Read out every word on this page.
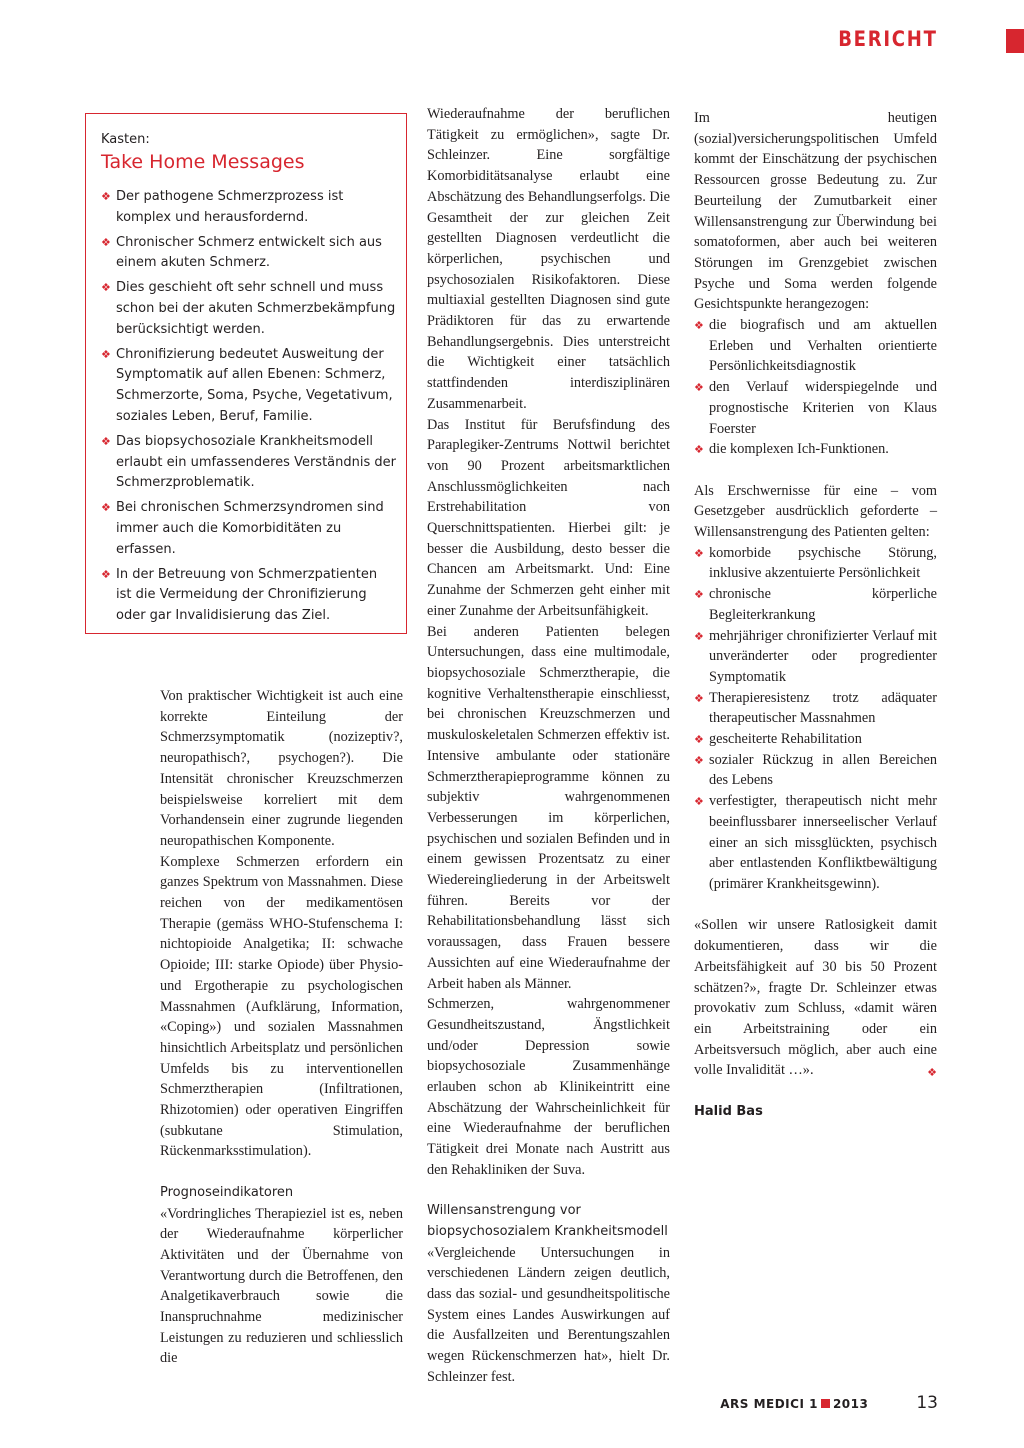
BERICHT

Kasten:

Take Home Messages

❖ Der pathogene Schmerzprozess ist komplex und herausfordernd.
❖ Chronischer Schmerz entwickelt sich aus einem akuten Schmerz.
❖ Dies geschieht oft sehr schnell und muss schon bei der akuten Schmerzbekämpfung berücksichtigt werden.
❖ Chronifizierung bedeutet Ausweitung der Symptomatik auf allen Ebenen: Schmerz, Schmerzorte, Soma, Psyche, Vegetativum, soziales Leben, Beruf, Familie.
❖ Das biopsychosoziale Krankheitsmodell erlaubt ein umfassenderes Verständnis der Schmerzproblematik.
❖ Bei chronischen Schmerzsyndromen sind immer auch die Komorbiditäten zu erfassen.
❖ In der Betreuung von Schmerzpatienten ist die Vermeidung der Chronifizierung oder gar Invalidisierung das Ziel.

Von praktischer Wichtigkeit ist auch eine korrekte Einteilung der Schmerzsymptomatik (nozizeptiv?, neuropathisch?, psychogen?). Die Intensität chronischer Kreuzschmerzen beispielsweise korreliert mit dem Vorhandensein einer zugrunde liegenden neuropathischen Komponente.

Komplexe Schmerzen erfordern ein ganzes Spektrum von Massnahmen. Diese reichen von der medikamentösen Therapie (gemäss WHO-Stufenschema I: nichtopioide Analgetika; II: schwache Opioide; III: starke Opiode) über Physio- und Ergotherapie zu psychologischen Massnahmen (Aufklärung, Information, «Coping») und sozialen Massnahmen hinsichtlich Arbeitsplatz und persönlichen Umfelds bis zu interventionellen Schmerztherapien (Infiltrationen, Rhizotomien) oder operativen Eingriffen (subkutane Stimulation, Rückenmarksstimulation).

Prognoseindikatoren

«Vordringliches Therapieziel ist es, neben der Wiederaufnahme körperlicher Aktivitäten und der Übernahme von Verantwortung durch die Betroffenen, den Analgetikaverbrauch sowie die Inanspruchnahme medizinischer Leistungen zu reduzieren und schliesslich die

Wiederaufnahme der beruflichen Tätigkeit zu ermöglichen», sagte Dr. Schleinzer. Eine sorgfältige Komorbiditätsanalyse erlaubt eine Abschätzung des Behandlungserfolgs. Die Gesamtheit der zur gleichen Zeit gestellten Diagnosen verdeutlicht die körperlichen, psychischen und psychosozialen Risikofaktoren. Diese multiaxial gestellten Diagnosen sind gute Prädiktoren für das zu erwartende Behandlungsergebnis. Dies unterstreicht die Wichtigkeit einer tatsächlich stattfindenden interdisziplinären Zusammenarbeit.

Das Institut für Berufsfindung des Paraplegiker-Zentrums Nottwil berichtet von 90 Prozent arbeitsmarktlichen Anschlussmöglichkeiten nach Erstrehabilitation von Querschnittspatienten. Hierbei gilt: je besser die Ausbildung, desto besser die Chancen am Arbeitsmarkt. Und: Eine Zunahme der Schmerzen geht einher mit einer Zunahme der Arbeitsunfähigkeit.

Bei anderen Patienten belegen Untersuchungen, dass eine multimodale, biopsychosoziale Schmerztherapie, die kognitive Verhaltenstherapie einschliesst, bei chronischen Kreuzschmerzen und muskuloskeletalen Schmerzen effektiv ist. Intensive ambulante oder stationäre Schmerztherapieprogramme können zu subjektiv wahrgenommenen Verbesserungen im körperlichen, psychischen und sozialen Befinden und in einem gewissen Prozentsatz zu einer Wiedereingliederung in der Arbeitswelt führen. Bereits vor der Rehabilitationsbehandlung lässt sich voraussagen, dass Frauen bessere Aussichten auf eine Wiederaufnahme der Arbeit haben als Männer.

Schmerzen, wahrgenommener Gesundheitszustand, Ängstlichkeit und/oder Depression sowie biopsychosoziale Zusammenhänge erlauben schon ab Klinikeintritt eine Abschätzung der Wahrscheinlichkeit für eine Wiederaufnahme der beruflichen Tätigkeit drei Monate nach Austritt aus den Rehakliniken der Suva.

Willensanstrengung vor biopsychosozialem Krankheitsmodell

«Vergleichende Untersuchungen in verschiedenen Ländern zeigen deutlich, dass das sozial- und gesundheitspolitische System eines Landes Auswirkungen auf die Ausfallzeiten und Berentungszahlen wegen Rückenschmerzen hat», hielt Dr. Schleinzer fest.

Im heutigen (sozial)versicherungspolitischen Umfeld kommt der Einschätzung der psychischen Ressourcen grosse Bedeutung zu. Zur Beurteilung der Zumutbarkeit einer Willensanstrengung zur Überwindung bei somatoformen, aber auch bei weiteren Störungen im Grenzgebiet zwischen Psyche und Soma werden folgende Gesichtspunkte herangezogen:

❖ die biografisch und am aktuellen Erleben und Verhalten orientierte Persönlichkeitsdiagnostik
❖ den Verlauf widerspiegelnde und prognostische Kriterien von Klaus Foerster
❖ die komplexen Ich-Funktionen.

Als Erschwernisse für eine – vom Gesetzgeber ausdrücklich geforderte – Willensanstrengung des Patienten gelten:

❖ komorbide psychische Störung, inklusive akzentuierte Persönlichkeit
❖ chronische körperliche Begleiterkrankung
❖ mehrjähriger chronifizierter Verlauf mit unveränderter oder progredienter Symptomatik
❖ Therapieresistenz trotz adäquater therapeutischer Massnahmen
❖ gescheiterte Rehabilitation
❖ sozialer Rückzug in allen Bereichen des Lebens
❖ verfestigter, therapeutisch nicht mehr beeinflussbarer innerseelischer Verlauf einer an sich missglückten, psychisch aber entlastenden Konfliktbewältigung (primärer Krankheitsgewinn).

«Sollen wir unsere Ratlosigkeit damit dokumentieren, dass wir die Arbeitsfähigkeit auf 30 bis 50 Prozent schätzen?», fragte Dr. Schleinzer etwas provokativ zum Schluss, «damit wären ein Arbeitstraining oder ein Arbeitsversuch möglich, aber auch eine volle Invalidität …».	❖

Halid Bas

ARS MEDICI 1 2013	13
